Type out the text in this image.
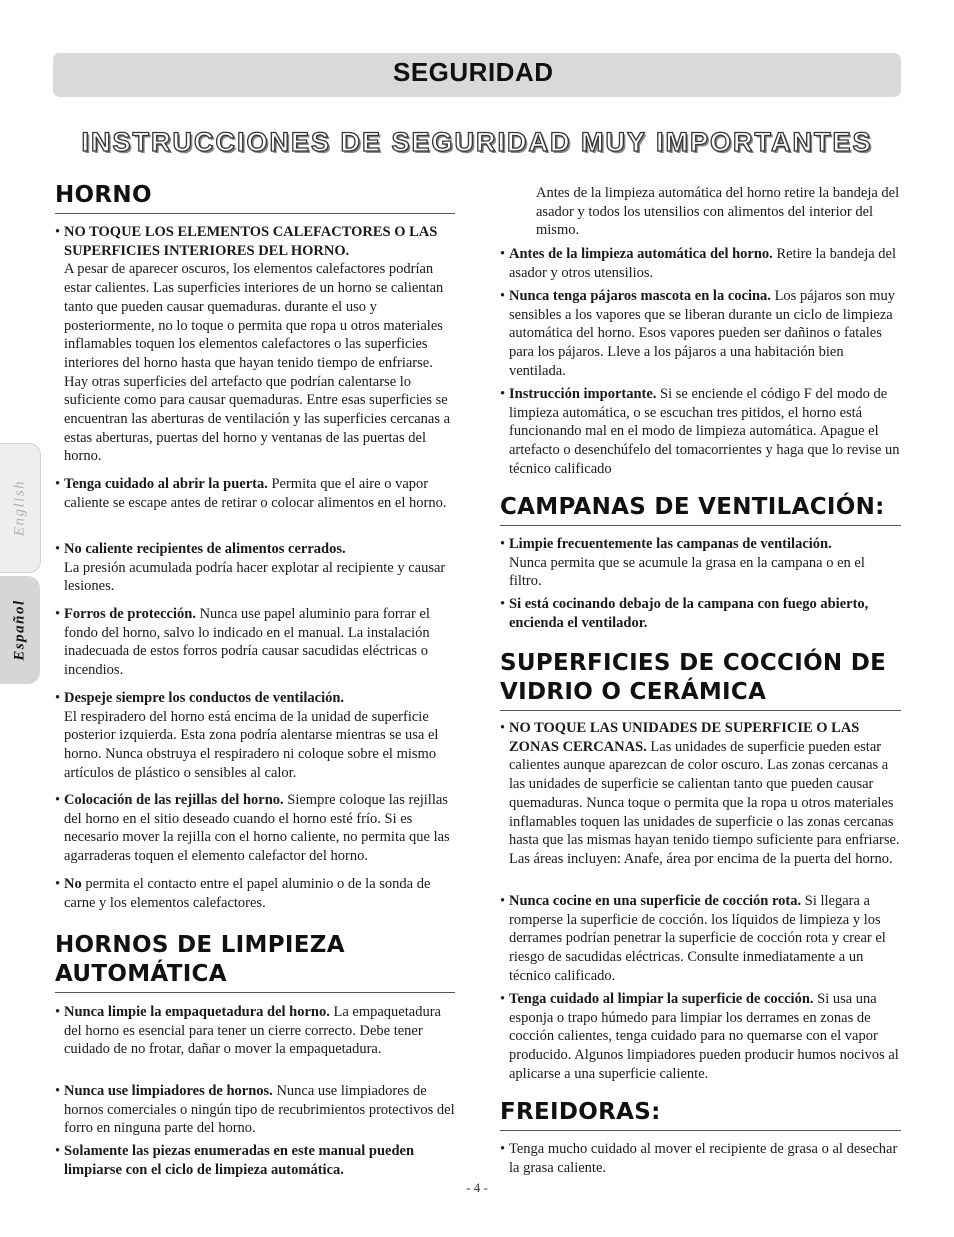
SEGURIDAD
INSTRUCCIONES DE SEGURIDAD MUY IMPORTANTES
English
Español
HORNO
• NO TOQUE LOS ELEMENTOS CALEFACTORES O LAS SUPERFICIES INTERIORES DEL HORNO.
A pesar de aparecer oscuros, los elementos calefactores podrían estar calientes. Las superficies interiores de un horno se calientan tanto que pueden causar quemaduras. durante el uso y posteriormente, no lo toque o permita que ropa u otros materiales inflamables toquen los elementos calefactores o las superficies interiores del horno hasta que hayan tenido tiempo de enfriarse. Hay otras superficies del artefacto que podrían calentarse lo suficiente como para causar quemaduras. Entre esas superficies se encuentran las aberturas de ventilación y las superficies cercanas a estas aberturas, puertas del horno y ventanas de las puertas del horno.
• Tenga cuidado al abrir la puerta. Permita que el aire o vapor caliente se escape antes de retirar o colocar alimentos en el horno.
• No caliente recipientes de alimentos cerrados.
La presión acumulada podría hacer explotar al recipiente y causar lesiones.
• Forros de protección. Nunca use papel aluminio para forrar el fondo del horno, salvo lo indicado en el manual. La instalación inadecuada de estos forros podría causar sacudidas eléctricas o incendios.
• Despeje siempre los conductos de ventilación.
El respiradero del horno está encima de la unidad de superficie posterior izquierda. Esta zona podría alentarse mientras se usa el horno. Nunca obstruya el respiradero ni coloque sobre el mismo artículos de plástico o sensibles al calor.
• Colocación de las rejillas del horno. Siempre coloque las rejillas del horno en el sitio deseado cuando el horno esté frío. Si es necesario mover la rejilla con el horno caliente, no permita que las agarraderas toquen el elemento calefactor del horno.
• No permita el contacto entre el papel aluminio o de la sonda de carne y los elementos calefactores.
HORNOS DE LIMPIEZA AUTOMÁTICA
• Nunca limpie la empaquetadura del horno. La empaquetadura del horno es esencial para tener un cierre correcto. Debe tener cuidado de no frotar, dañar o mover la empaquetadura.
• Nunca use limpiadores de hornos. Nunca use limpiadores de hornos comerciales o ningún tipo de recubrimientos protectivos del forro en ninguna parte del horno.
• Solamente las piezas enumeradas en este manual pueden limpiarse con el ciclo de limpieza automática.
Antes de la limpieza automática del horno retire la bandeja del asador y todos los utensilios con alimentos del interior del mismo.
• Antes de la limpieza automática del horno. Retire la bandeja del asador y otros utensilios.
• Nunca tenga pájaros mascota en la cocina. Los pájaros son muy sensibles a los vapores que se liberan durante un ciclo de limpieza automática del horno. Esos vapores pueden ser dañinos o fatales para los pájaros. Lleve a los pájaros a una habitación bien ventilada.
• Instrucción importante. Si se enciende el código F del modo de limpieza automática, o se escuchan tres pitidos, el horno está funcionando mal en el modo de limpieza automática. Apague el artefacto o desenchúfelo del tomacorrientes y haga que lo revise un técnico calificado
CAMPANAS DE VENTILACIÓN:
• Limpie frecuentemente las campanas de ventilación.
Nunca permita que se acumule la grasa en la campana o en el filtro.
• Si está cocinando debajo de la campana con fuego abierto, encienda el ventilador.
SUPERFICIES DE COCCIÓN DE VIDRIO O CERÁMICA
• NO TOQUE LAS UNIDADES DE SUPERFICIE O LAS ZONAS CERCANAS. Las unidades de superficie pueden estar calientes aunque aparezcan de color oscuro. Las zonas cercanas a las unidades de superficie se calientan tanto que pueden causar quemaduras. Nunca toque o permita que la ropa u otros materiales inflamables toquen las unidades de superficie o las zonas cercanas hasta que las mismas hayan tenido tiempo suficiente para enfriarse. Las áreas incluyen: Anafe, área por encima de la puerta del horno.
• Nunca cocine en una superficie de cocción rota. Si llegara a romperse la superficie de cocción. los líquidos de limpieza y los derrames podrían penetrar la superficie de cocción rota y crear el riesgo de sacudidas eléctricas. Consulte inmediatamente a un técnico calificado.
• Tenga cuidado al limpiar la superficie de cocción. Si usa una esponja o trapo húmedo para limpiar los derrames en zonas de cocción calientes, tenga cuidado para no quemarse con el vapor producido. Algunos limpiadores pueden producir humos nocivos al aplicarse a una superficie caliente.
FREIDORAS:
• Tenga mucho cuidado al mover el recipiente de grasa o al desechar la grasa caliente.
- 4 -
